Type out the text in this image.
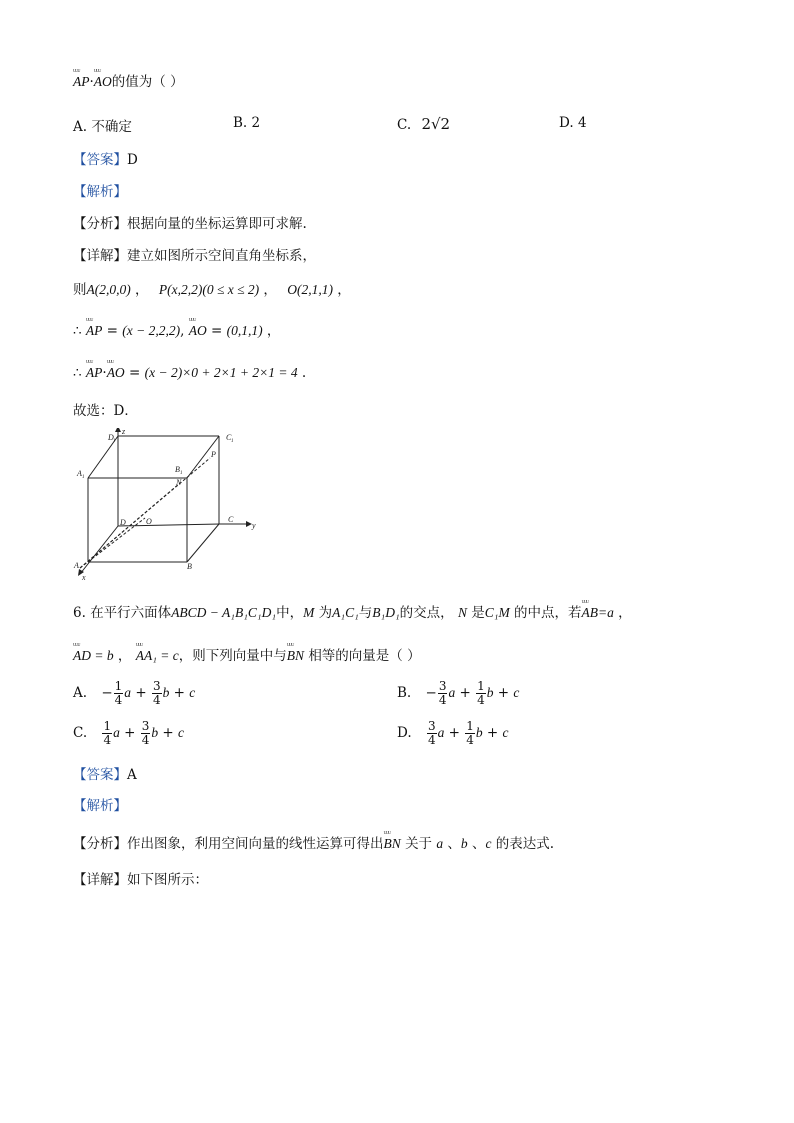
ᵁᵁᵁ AP·ᵁᵁᵁ AO的值为（ ）
A. 不确定	B. 2	C. 2√2	D. 4
【答案】D
【解析】
【分析】根据向量的坐标运算即可求解.
【详解】建立如图所示空间直角坐标系，
则A(2,0,0) ， P(x,2,2)(0 ≤ x ≤ 2) ， O(2,1,1) ，
∴ ᵁᵁᵁ AP = (x − 2,2,2), ᵁᵁᵁ AO = (0,1,1) ，
∴ ᵁᵁᵁ AP·ᵁᵁᵁ AO = (x − 2)×0 + 2×1 + 2×1 = 4 .
故选：D．
D 1
z
C 1
A 1
B 1
N
P
D	O	C
y
A
x
B
6. 在平行六面体ABCD − A₁B₁C₁D₁中，M 为A₁C₁与B₁D₁的交点， N 是C₁M 的中点，若ᵁᵁᵁ AB=a ，
ᵁᵁᵁ AD = b ， ᵁᵁᵁ AA₁ = c，则下列向量中与ᵁᵁᵁ BN 相等的向量是（ ）
A. − $\frac{1}{4}$ $a + \frac{3}{4}$ b + c	B. − $\frac{3}{4}$ $a + \frac{1}{4}$ b + c
C. $\frac{1}{4}$ $a + \frac{3}{4}$ b + c	D. $\frac{3}{4}$ $a + \frac{1}{4}$ b + c
【答案】A
【解析】
【分析】作出图象，利用空间向量的线性运算可得出ᵁᵁᵁ BN 关于 a 、b 、c 的表达式.
【详解】如下图所示：
